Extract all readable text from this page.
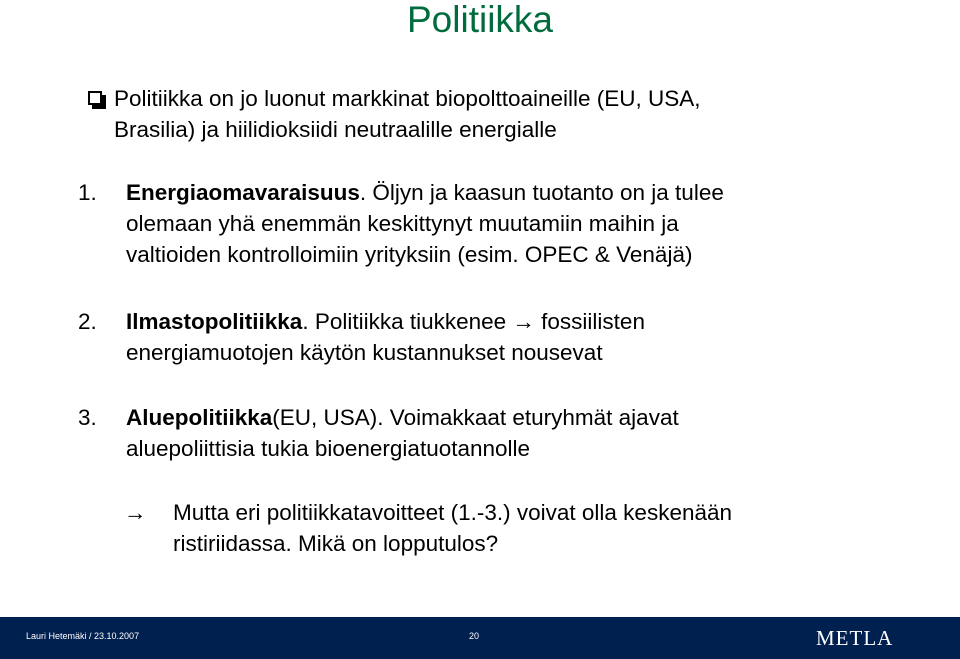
Politiikka
Politiikka on jo luonut markkinat biopolttoaineille (EU, USA,
Brasilia) ja hiilidioksiidi neutraalille energialle
1. Energiaomavaraisuus. Öljyn ja kaasun tuotanto on ja tulee
olemaan yhä enemmän keskittynyt muutamiin maihin ja
valtioiden kontrolloimiin yrityksiin (esim. OPEC & Venäjä)
2. Ilmastopolitiikka. Politiikka tiukkenee → fossiilisten
energiamuotojen käytön kustannukset nousevat
3. Aluepolitiikka(EU, USA). Voimakkaat eturyhmät ajavat
aluepoliittisia tukia bioenergiatuotannolle
→ Mutta eri politiikkatavoitteet (1.-3.) voivat olla keskenään
ristiriidassa. Mikä on lopputulos?
Lauri Hetemäki / 23.10.2007	20	METLA
